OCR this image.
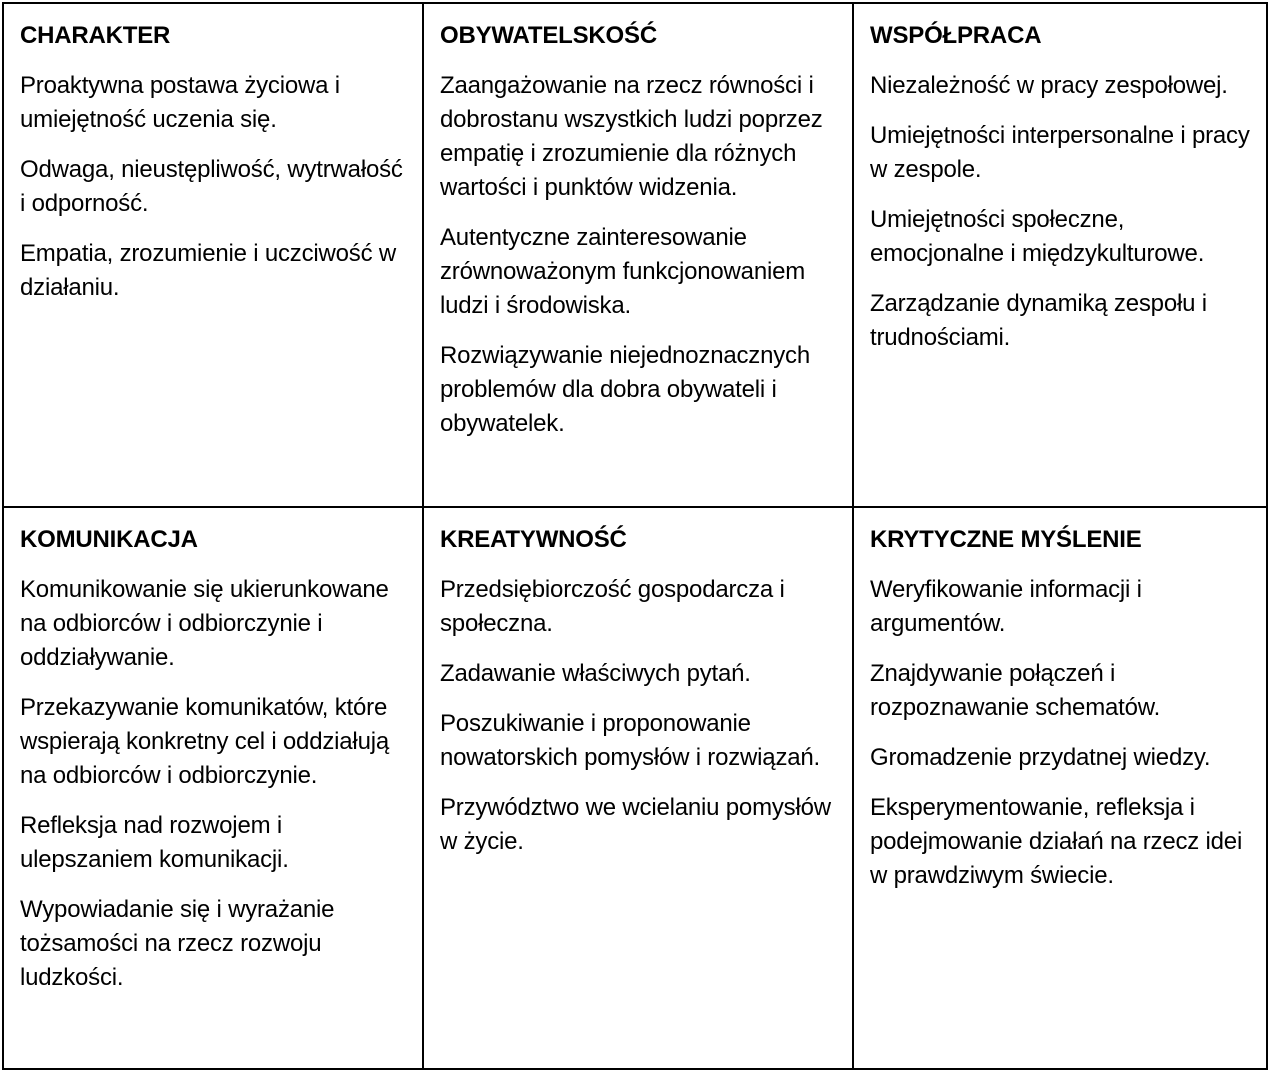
CHARAKTER
Proaktywna postawa życiowa i umiejętność uczenia się.
Odwaga, nieustępliwość, wytrwałość i odporność.
Empatia, zrozumienie i uczciwość w działaniu.
OBYWATELSKOŚĆ
Zaangażowanie na rzecz równości i dobrostanu wszystkich ludzi poprzez empatię i zrozumienie dla różnych wartości i punktów widzenia.
Autentyczne zainteresowanie zrównoważonym funkcjonowaniem ludzi i środowiska.
Rozwiązywanie niejednoznacznych problemów dla dobra obywateli i obywatelek.
WSPÓŁPRACA
Niezależność w pracy zespołowej.
Umiejętności interpersonalne i pracy w zespole.
Umiejętności społeczne, emocjonalne i międzykulturowe.
Zarządzanie dynamiką zespołu i trudnościami.
KOMUNIKACJA
Komunikowanie się ukierunkowane na odbiorców i odbiorczynie i oddziaływanie.
Przekazywanie komunikatów, które wspierają konkretny cel i oddziałują na odbiorców i odbiorczynie.
Refleksja nad rozwojem i ulepszaniem komunikacji.
Wypowiadanie się i wyrażanie tożsamości na rzecz rozwoju ludzkości.
KREATYWNOŚĆ
Przedsiębiorczość gospodarcza i społeczna.
Zadawanie właściwych pytań.
Poszukiwanie i proponowanie nowatorskich pomysłów i rozwiązań.
Przywództwo we wcielaniu pomysłów w życie.
KRYTYCZNE MYŚLENIE
Weryfikowanie informacji i argumentów.
Znajdywanie połączeń i rozpoznawanie schematów.
Gromadzenie przydatnej wiedzy.
Eksperymentowanie, refleksja i podejmowanie działań na rzecz idei w prawdziwym świecie.
